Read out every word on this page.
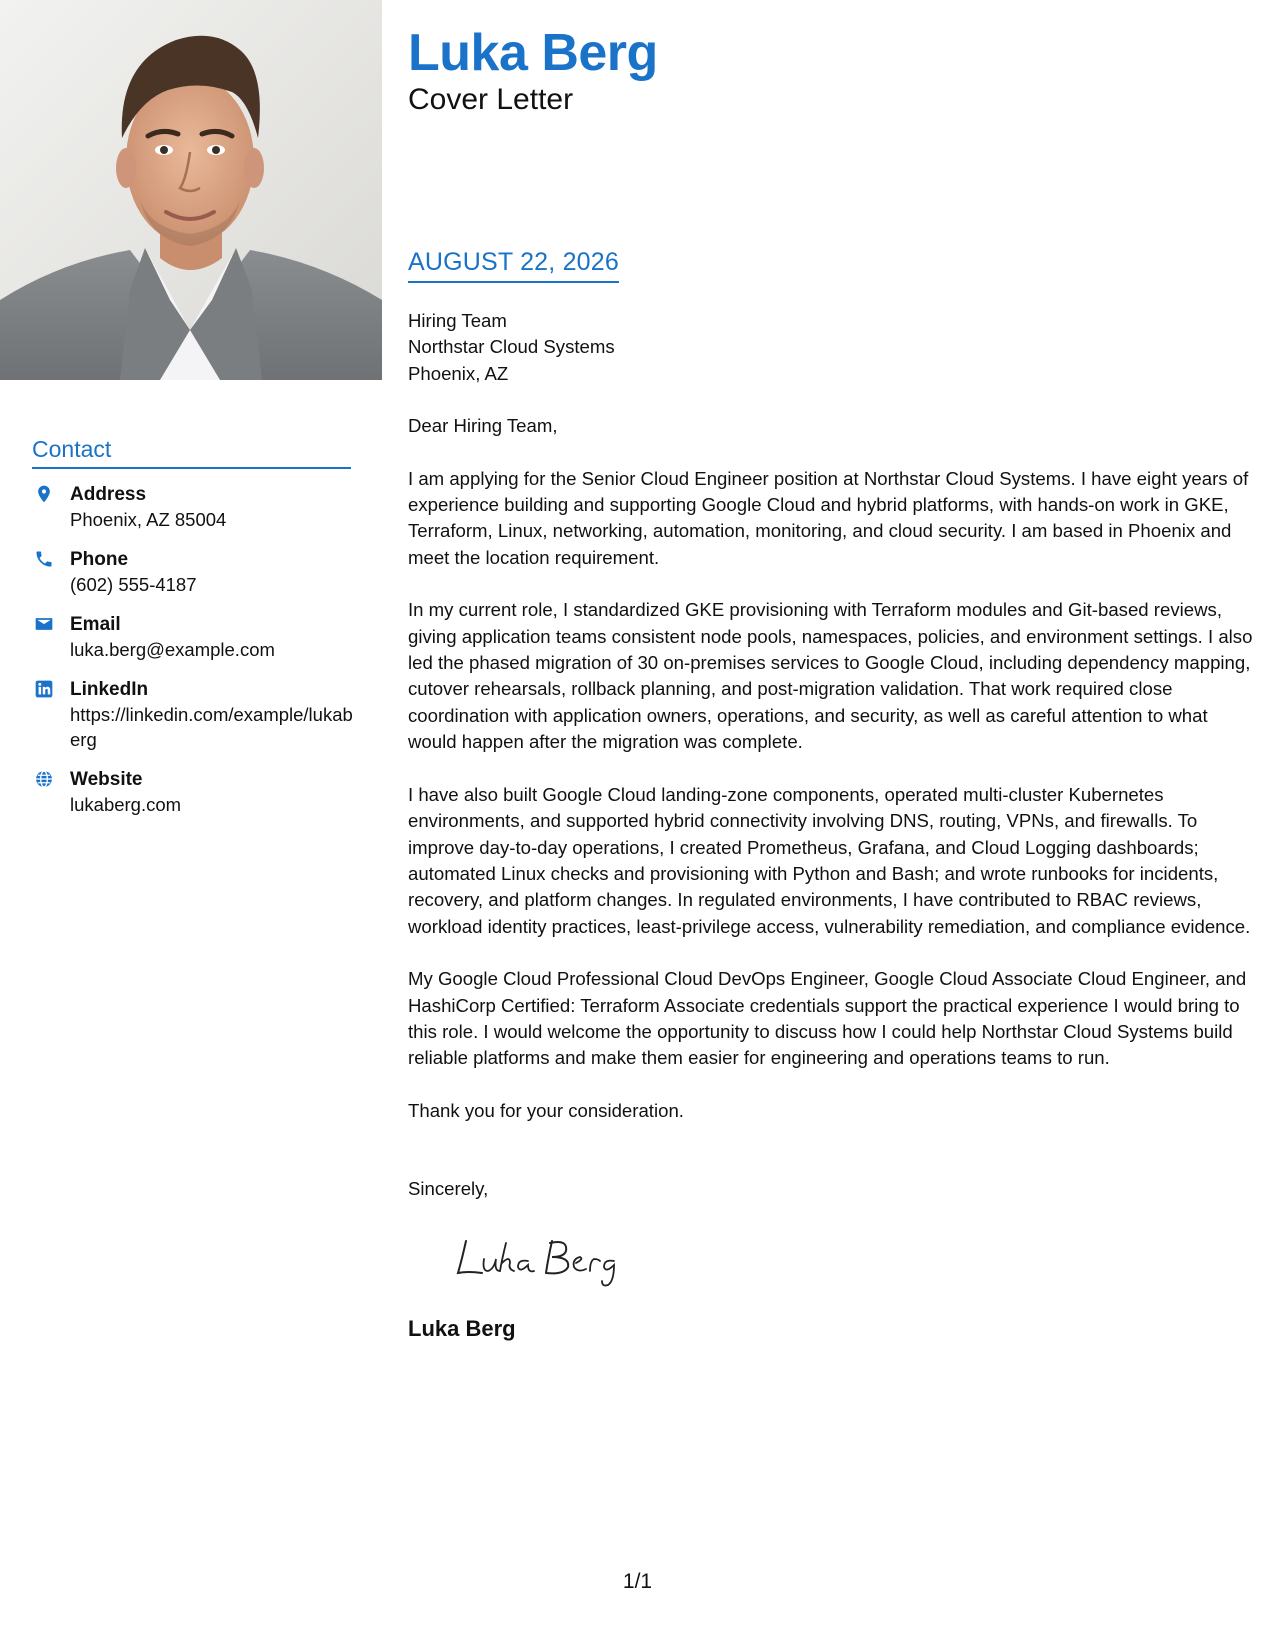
Contact
Address
Phoenix, AZ 85004
Phone
(602) 555-4187
Email
luka.berg@example.com
LinkedIn
https://linkedin.com/example/lukaberg
Website
lukaberg.com
Luka Berg
Cover Letter
AUGUST 22, 2026
Hiring Team
Northstar Cloud Systems
Phoenix, AZ

Dear Hiring Team,

I am applying for the Senior Cloud Engineer position at Northstar Cloud Systems. I have eight years of experience building and supporting Google Cloud and hybrid platforms, with hands-on work in GKE, Terraform, Linux, networking, automation, monitoring, and cloud security. I am based in Phoenix and meet the location requirement.

In my current role, I standardized GKE provisioning with Terraform modules and Git-based reviews, giving application teams consistent node pools, namespaces, policies, and environment settings. I also led the phased migration of 30 on-premises services to Google Cloud, including dependency mapping, cutover rehearsals, rollback planning, and post-migration validation. That work required close coordination with application owners, operations, and security, as well as careful attention to what would happen after the migration was complete.

I have also built Google Cloud landing-zone components, operated multi-cluster Kubernetes environments, and supported hybrid connectivity involving DNS, routing, VPNs, and firewalls. To improve day-to-day operations, I created Prometheus, Grafana, and Cloud Logging dashboards; automated Linux checks and provisioning with Python and Bash; and wrote runbooks for incidents, recovery, and platform changes. In regulated environments, I have contributed to RBAC reviews, workload identity practices, least-privilege access, vulnerability remediation, and compliance evidence.

My Google Cloud Professional Cloud DevOps Engineer, Google Cloud Associate Cloud Engineer, and HashiCorp Certified: Terraform Associate credentials support the practical experience I would bring to this role. I would welcome the opportunity to discuss how I could help Northstar Cloud Systems build reliable platforms and make them easier for engineering and operations teams to run.

Thank you for your consideration.

Sincerely,

Luka Berg
1/1
